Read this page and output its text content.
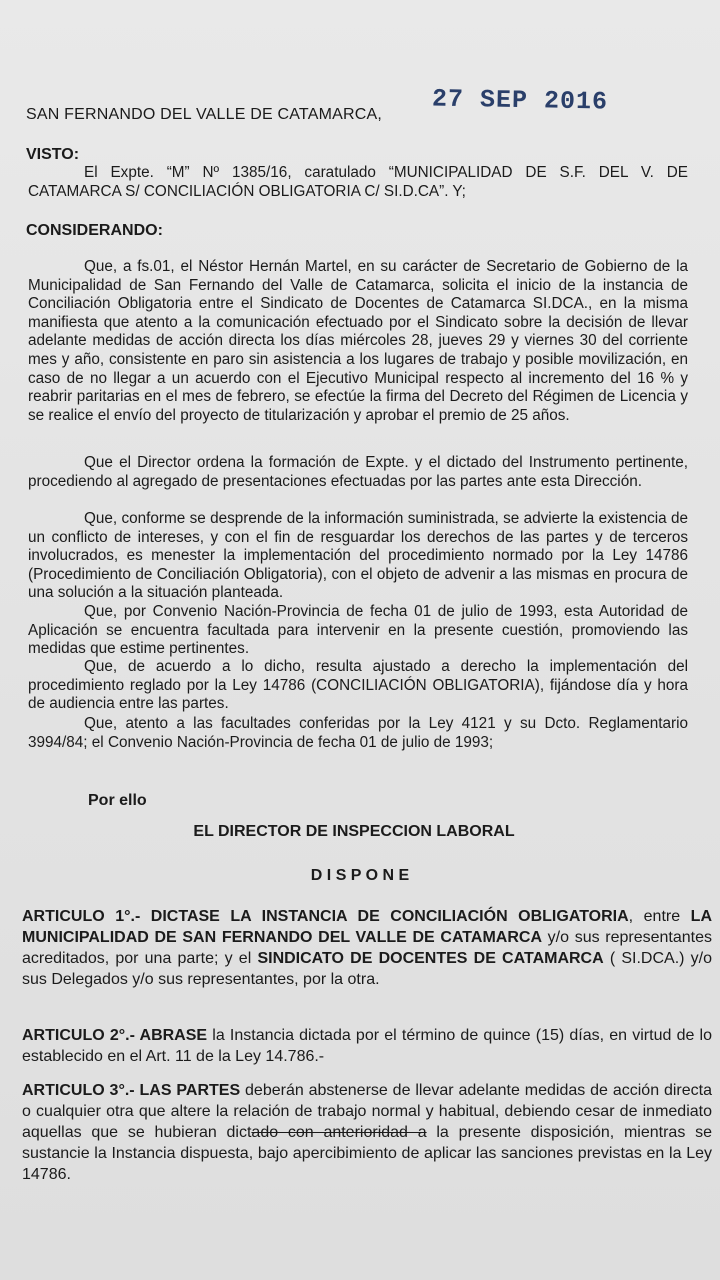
SAN FERNANDO DEL VALLE DE CATAMARCA, 27 SEP 2016
VISTO:
El Expte. “M” Nº 1385/16, caratulado “MUNICIPALIDAD DE S.F. DEL V. DE CATAMARCA S/ CONCILIACIÓN OBLIGATORIA C/ SI.D.CA”. Y;
CONSIDERANDO:
Que, a fs.01, el Néstor Hernán Martel, en su carácter de Secretario de Gobierno de la Municipalidad de San Fernando del Valle de Catamarca, solicita el inicio de la instancia de Conciliación Obligatoria entre el Sindicato de Docentes de Catamarca SI.DCA., en la misma manifiesta que atento a la comunicación efectuado por el Sindicato sobre la decisión de llevar adelante medidas de acción directa los días miércoles 28, jueves 29 y viernes 30 del corriente mes y año, consistente en paro sin asistencia a los lugares de trabajo y posible movilización, en caso de no llegar a un acuerdo con el Ejecutivo Municipal respecto al incremento del 16 % y reabrir paritarias en el mes de febrero, se efectúe la firma del Decreto del Régimen de Licencia y se realice el envío del proyecto de titularización y aprobar el premio de 25 años.
Que el Director ordena la formación de Expte. y el dictado del Instrumento pertinente, procediendo al agregado de presentaciones efectuadas por las partes ante esta Dirección.
Que, conforme se desprende de la información suministrada, se advierte la existencia de un conflicto de intereses, y con el fin de resguardar los derechos de las partes y de terceros involucrados, es menester la implementación del procedimiento normado por la Ley 14786 (Procedimiento de Conciliación Obligatoria), con el objeto de advenir a las mismas en procura de una solución a la situación planteada.
Que, por Convenio Nación-Provincia de fecha 01 de julio de 1993, esta Autoridad de Aplicación se encuentra facultada para intervenir en la presente cuestión, promoviendo las medidas que estime pertinentes.
Que, de acuerdo a lo dicho, resulta ajustado a derecho la implementación del procedimiento reglado por la Ley 14786 (CONCILIACIÓN OBLIGATORIA), fijándose día y hora de audiencia entre las partes.
Que, atento a las facultades conferidas por la Ley 4121 y su Dcto. Reglamentario 3994/84; el Convenio Nación-Provincia de fecha 01 de julio de 1993;
Por ello
EL DIRECTOR DE INSPECCION LABORAL
D I S P O N E
ARTICULO 1°.- DICTASE LA INSTANCIA DE CONCILIACIÓN OBLIGATORIA, entre LA MUNICIPALIDAD DE SAN FERNANDO DEL VALLE DE CATAMARCA y/o sus representantes acreditados, por una parte; y el SINDICATO DE DOCENTES DE CATAMARCA ( SI.DCA.) y/o sus Delegados y/o sus representantes, por la otra.
ARTICULO 2°.- ABRASE la Instancia dictada por el término de quince (15) días, en virtud de lo establecido en el Art. 11 de la Ley 14.786.-
ARTICULO 3°.- LAS PARTES deberán abstenerse de llevar adelante medidas de acción directa o cualquier otra que altere la relación de trabajo normal y habitual, debiendo cesar de inmediato aquellas que se hubieran dictado con anterioridad a la presente disposición, mientras se sustancie la Instancia dispuesta, bajo apercibimiento de aplicar las sanciones previstas en la Ley 14786.
